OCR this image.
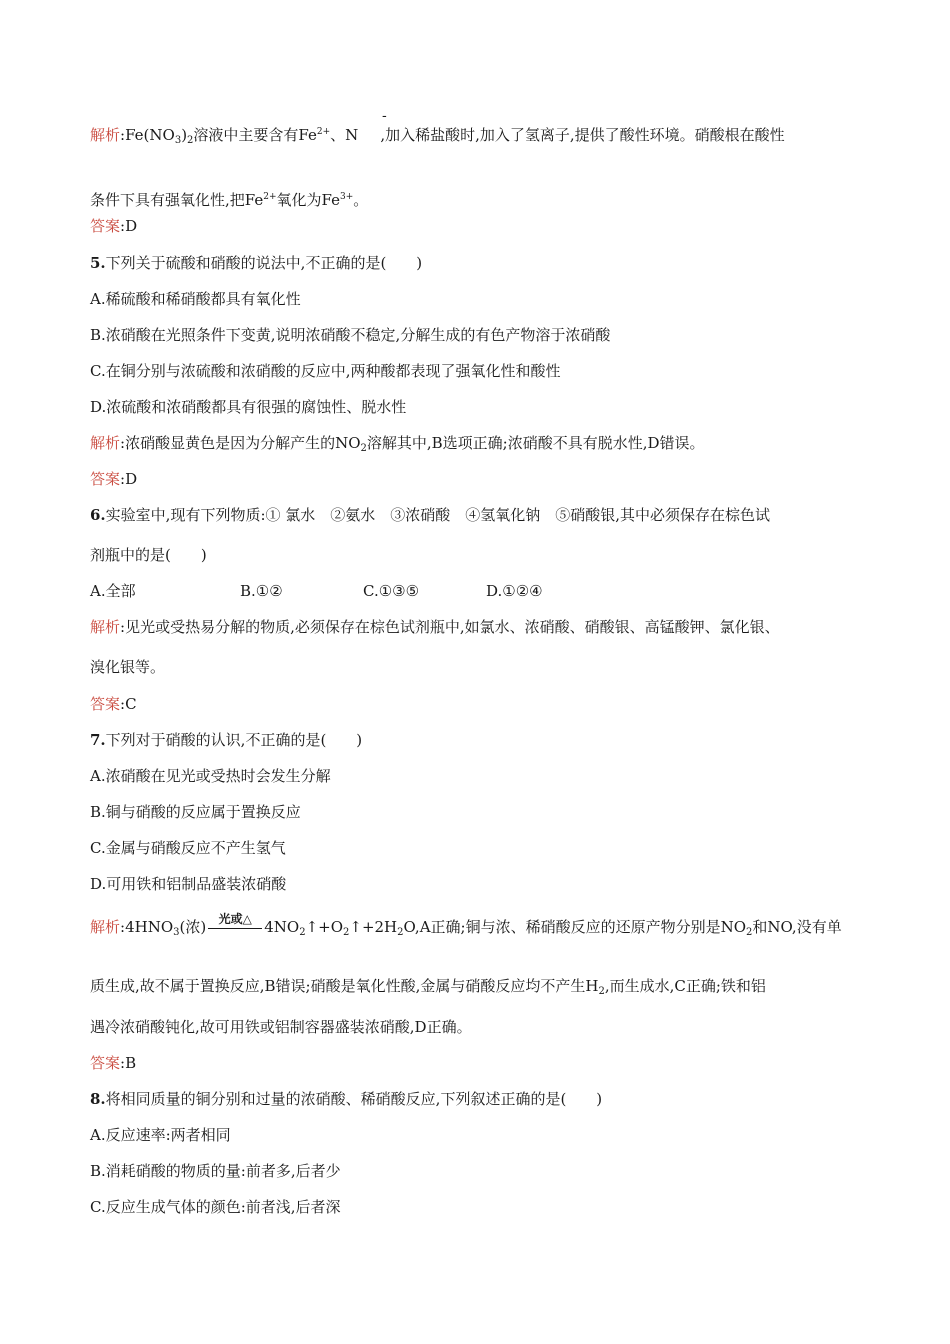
解析$:Fe(NO_3)_2$溶液中主要含有$Fe^{2+}$、N ,加入稀盐酸时,加入了氢离子,提供了酸性环境。硝酸根在酸性
-
条件下具有强氧化性,把$Fe^{2+}$氧化为$Fe^{3+}$。
答案:D
5.下列关于硫酸和硝酸的说法中,不正确的是(　　)
A.稀硫酸和稀硝酸都具有氧化性
B.浓硝酸在光照条件下变黄,说明浓硝酸不稳定,分解生成的有色产物溶于浓硝酸
C.在铜分别与浓硫酸和浓硝酸的反应中,两种酸都表现了强氧化性和酸性
D.浓硫酸和浓硝酸都具有很强的腐蚀性、脱水性
解析:浓硝酸显黄色是因为分解产生的$NO_2$溶解其中,B选项正确;浓硝酸不具有脱水性,D错误。
答案:D
6.实验室中,现有下列物质:① 氯水　②氨水　③浓硝酸　④氢氧化钠　⑤硝酸银,其中必须保存在棕色试
剂瓶中的是(　　)
A.全部	B.①②	C.①③⑤	D.①②④
解析:见光或受热易分解的物质,必须保存在棕色试剂瓶中,如氯水、浓硝酸、硝酸银、高锰酸钾、氯化银、
溴化银等。
答案:C
7.下列对于硝酸的认识,不正确的是(　　)
A.浓硝酸在见光或受热时会发生分解
B.铜与硝酸的反应属于置换反应
C.金属与硝酸反应不产生氢气
D.可用铁和铝制品盛装浓硝酸
解析$:4HNO_3$(浓)	光或△ $4NO_2↑+O_2↑+2H_2O,A$正确;铜与浓、稀硝酸反应的还原产物分别是$NO_2$和NO,没有单
质生成,故不属于置换反应,B错误;硝酸是氧化性酸,金属与硝酸反应均不产生$H_2$,而生成水,C正确;铁和铝
遇冷浓硝酸钝化,故可用铁或铝制容器盛装浓硝酸,D正确。
答案:B
8.将相同质量的铜分别和过量的浓硝酸、稀硝酸反应,下列叙述正确的是(　　)
A.反应速率:两者相同
B.消耗硝酸的物质的量:前者多,后者少
C.反应生成气体的颜色:前者浅,后者深
